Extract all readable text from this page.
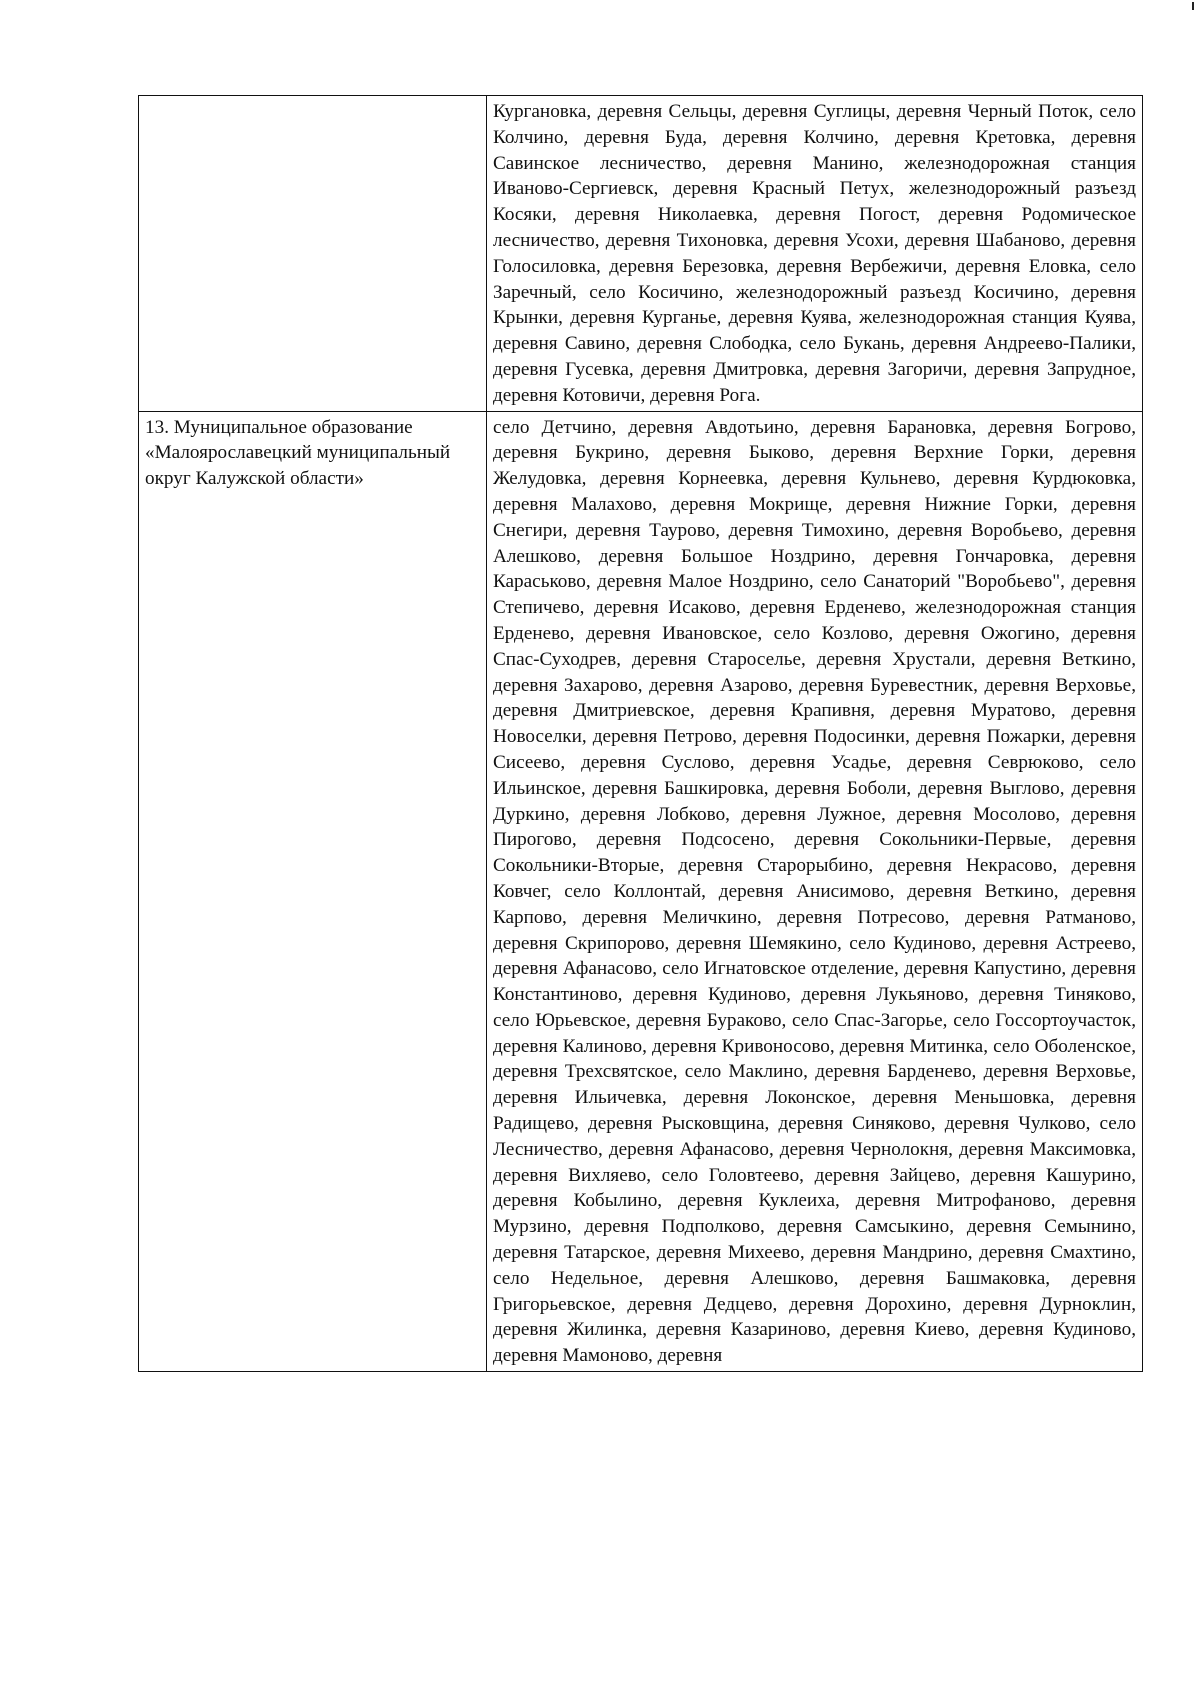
	Кургановка, деревня Сельцы, деревня Суглицы, деревня Черный Поток, село Колчино, деревня Буда, деревня Колчино, деревня Кретовка, деревня Савинское лесничество, деревня Манино, железнодорожная станция Иваново-Сергиевск, деревня Красный Петух, железнодорожный разъезд Косяки, деревня Николаевка, деревня Погост, деревня Родомическое лесничество, деревня Тихоновка, деревня Усохи, деревня Шабаново, деревня Голосиловка, деревня Березовка, деревня Вербежичи, деревня Еловка, село Заречный, село Косичино, железнодорожный разъезд Косичино, деревня Крынки, деревня Курганье, деревня Куява, железнодорожная станция Куява, деревня Савино, деревня Слободка, село Букань, деревня Андреево-Палики, деревня Гусевка, деревня Дмитровка, деревня Загоричи, деревня Запрудное, деревня Котовичи, деревня Рога.

13. Муниципальное образование «Малоярославецкий муниципальный округ Калужской области»	село Детчино, деревня Авдотьино, деревня Барановка, деревня Богрово, деревня Букрино, деревня Быково, деревня Верхние Горки, деревня Желудовка, деревня Корнеевка, деревня Кульнево, деревня Курдюковка, деревня Малахово, деревня Мокрище, деревня Нижние Горки, деревня Снегири, деревня Таурово, деревня Тимохино, деревня Воробьево, деревня Алешково, деревня Большое Ноздрино, деревня Гончаровка, деревня Караськово, деревня Малое Ноздрино, село Санаторий "Воробьево", деревня Степичево, деревня Исаково, деревня Ерденево, железнодорожная станция Ерденево, деревня Ивановское, село Козлово, деревня Ожогино, деревня Спас-Суходрев, деревня Староселье, деревня Хрустали, деревня Веткино, деревня Захарово, деревня Азарово, деревня Буревестник, деревня Верховье, деревня Дмитриевское, деревня Крапивня, деревня Муратово, деревня Новоселки, деревня Петрово, деревня Подосинки, деревня Пожарки, деревня Сисеево, деревня Суслово, деревня Усадье, деревня Севрюково, село Ильинское, деревня Башкировка, деревня Боболи, деревня Выглово, деревня Дуркино, деревня Лобково, деревня Лужное, деревня Мосолово, деревня Пирогово, деревня Подсосено, деревня Сокольники-Первые, деревня Сокольники-Вторые, деревня Старорыбино, деревня Некрасово, деревня Ковчег, село Коллонтай, деревня Анисимово, деревня Веткино, деревня Карпово, деревня Меличкино, деревня Потресово, деревня Ратманово, деревня Скрипорово, деревня Шемякино, село Кудиново, деревня Астреево, деревня Афанасово, село Игнатовское отделение, деревня Капустино, деревня Константиново, деревня Кудиново, деревня Лукьяново, деревня Тиняково, село Юрьевское, деревня Бураково, село Спас-Загорье, село Госсортоучасток, деревня Калиново, деревня Кривоносово, деревня Митинка, село Оболенское, деревня Трехсвятское, село Маклино, деревня Барденево, деревня Верховье, деревня Ильичевка, деревня Локонское, деревня Меньшовка, деревня Радищево, деревня Рысковщина, деревня Синяково, деревня Чулково, село Лесничество, деревня Афанасово, деревня Чернолокня, деревня Максимовка, деревня Вихляево, село Головтеево, деревня Зайцево, деревня Кашурино, деревня Кобылино, деревня Куклеиха, деревня Митрофаново, деревня Мурзино, деревня Подполково, деревня Самсыкино, деревня Семынино, деревня Татарское, деревня Михеево, деревня Мандрино, деревня Смахтино, село Недельное, деревня Алешково, деревня Башмаковка, деревня Григорьевское, деревня Дедцево, деревня Дорохино, деревня Дурноклин, деревня Жилинка, деревня Казариново, деревня Киево, деревня Кудиново, деревня Мамоново, деревня
